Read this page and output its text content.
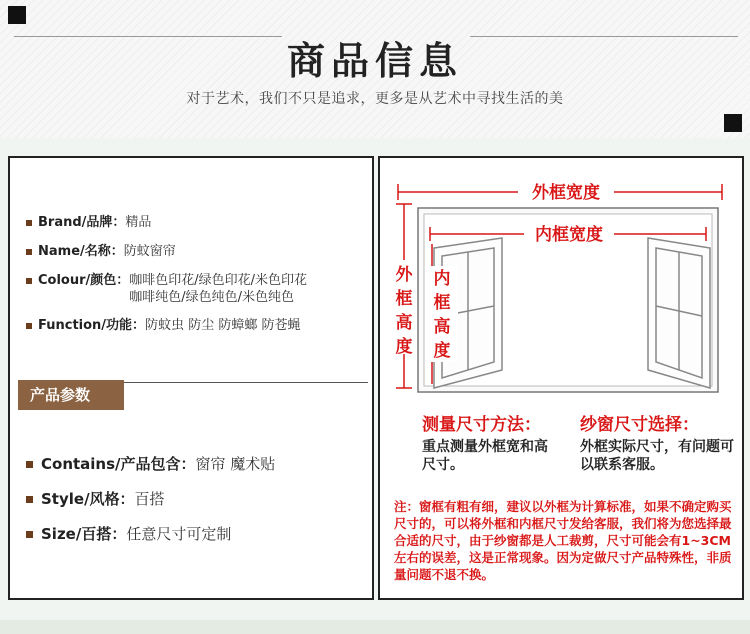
商品信息
对于艺术，我们不只是追求，更多是从艺术中寻找生活的美
Brand/品牌： 精品
Name/名称： 防蚊窗帘
Colour/颜色： 咖啡色印花/绿色印花/米色印花
咖啡纯色/绿色纯色/米色纯色
Function/功能： 防蚊虫 防尘 防蟑螂 防苍蝇
产品参数
Contains/产品包含： 窗帘 魔术贴
Style/风格： 百搭
Size/百搭： 任意尺寸可定制
外框宽度
外
框
高
度
内框宽度
内
框
高
度
测量尺寸方法： 纱窗尺寸选择：
重点测量外框宽和高尺寸。
外框实际尺寸，有问题可以联系客服。
注：窗框有粗有细，建议以外框为计算标准，如果不确定购买尺寸的，可以将外框和内框尺寸发给客服，我们将为您选择最合适的尺寸，由于纱窗都是人工裁剪，尺寸可能会有1~3CM左右的误差，这是正常现象。因为定做尺寸产品特殊性，非质量问题不退不换。
